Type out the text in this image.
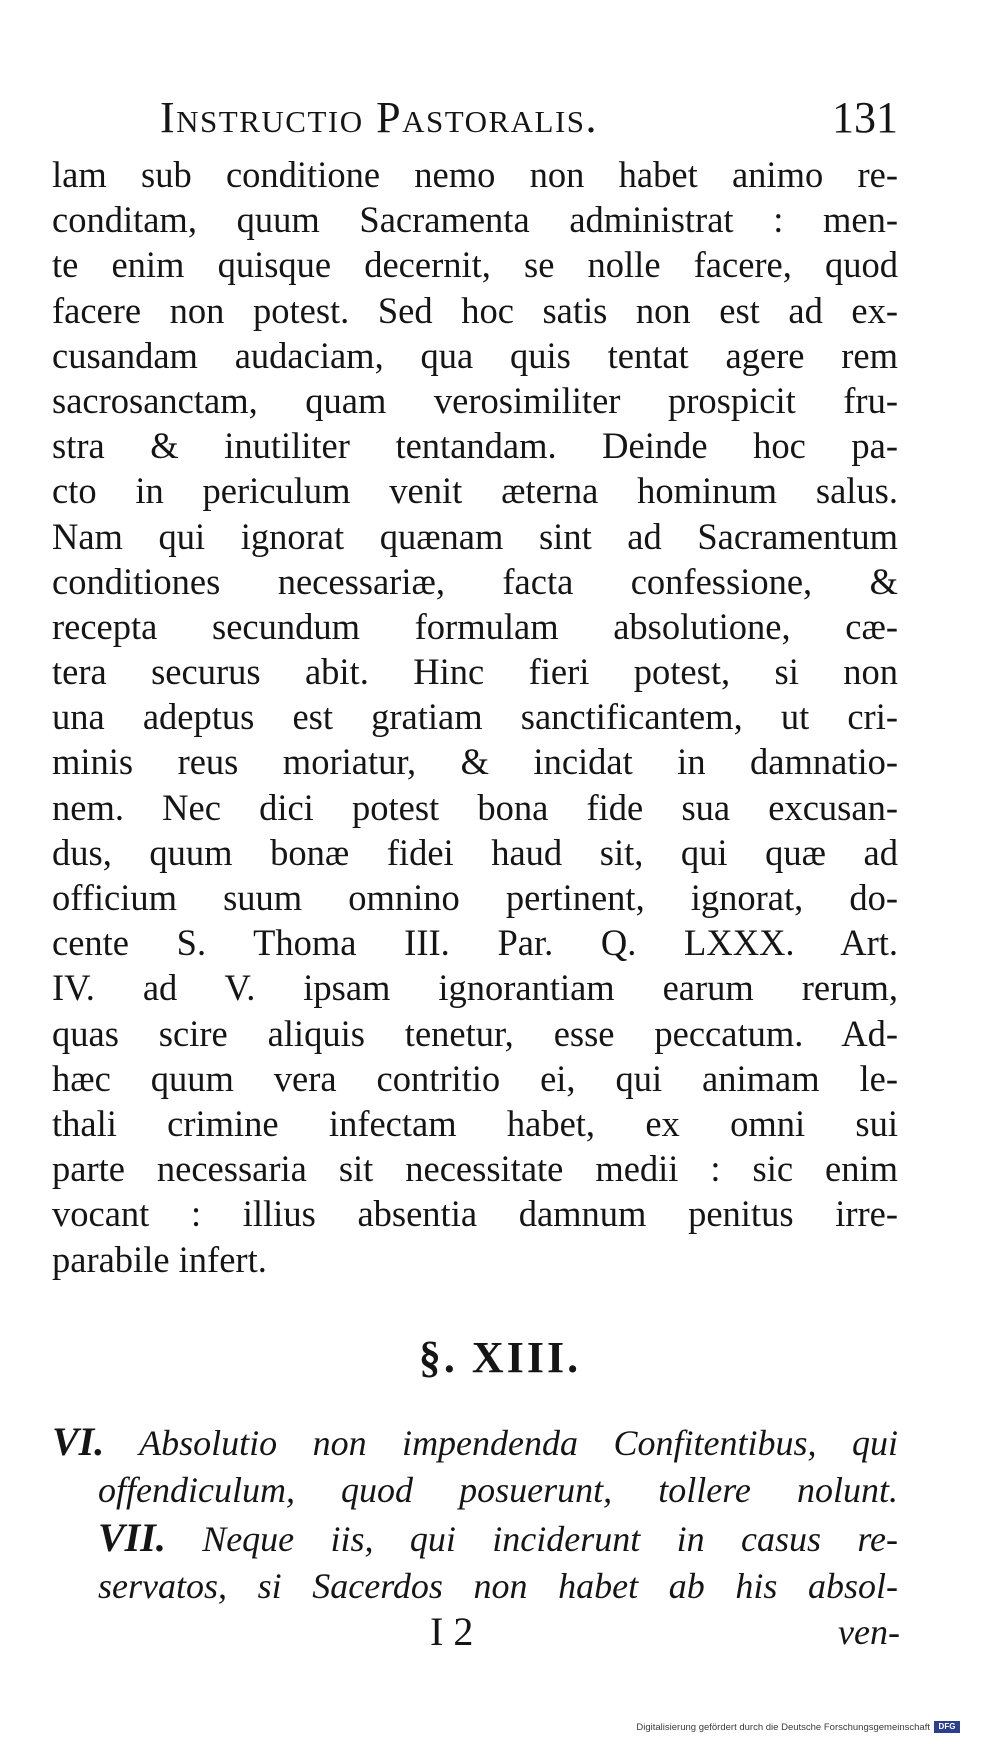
Instructio Pastoralis.	131
lam sub conditione nemo non habet animo re-
conditam, quum Sacramenta administrat : men-
te enim quisque decernit, se nolle facere, quod
facere non potest. Sed hoc satis non est ad ex-
cusandam audaciam, qua quis tentat agere rem
sacrosanctam, quam verosimiliter prospicit fru-
stra & inutiliter tentandam. Deinde hoc pa-
cto in periculum venit æterna hominum salus.
Nam qui ignorat quænam sint ad Sacramentum
conditiones necessariæ, facta confessione, &
recepta secundum formulam absolutione, cæ-
tera securus abit. Hinc fieri potest, si non
una adeptus est gratiam sanctificantem, ut cri-
minis reus moriatur, & incidat in damnatio-
nem. Nec dici potest bona fide sua excusan-
dus, quum bonæ fidei haud sit, qui quæ ad
officium suum omnino pertinent, ignorat, do-
cente S. Thoma III. Par. Q. LXXX. Art.
IV. ad V. ipsam ignorantiam earum rerum,
quas scire aliquis tenetur, esse peccatum. Ad-
hæc quum vera contritio ei, qui animam le-
thali crimine infectam habet, ex omni sui
parte necessaria sit necessitate medii : sic enim
vocant : illius absentia damnum penitus irre-
parabile infert.
§. XIII.
VI. Absolutio non impendenda Confitentibus, qui
offendiculum, quod posuerunt, tollere nolunt.
VII. Neque iis, qui inciderunt in casus re-
servatos, si Sacerdos non habet ab his absol-
I 2	ven-
Digitalisierung gefördert durch die Deutsche Forschungsgemeinschaft	DFG
